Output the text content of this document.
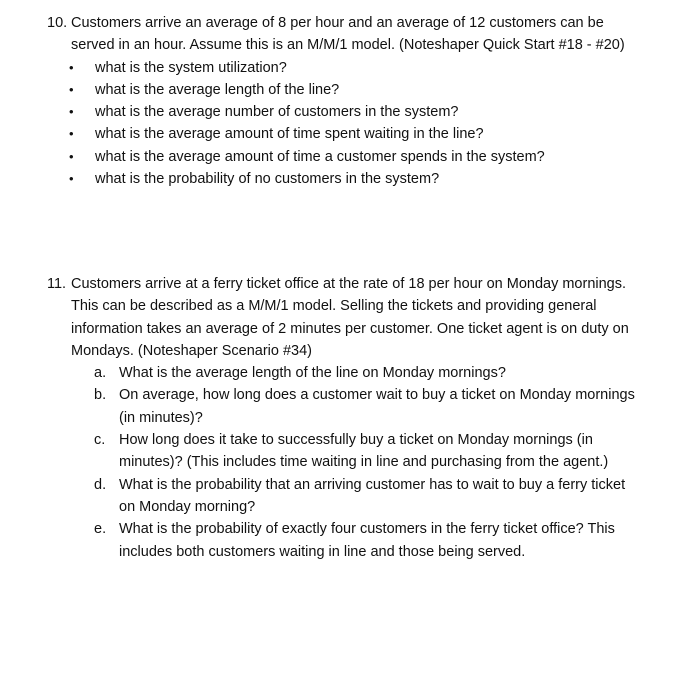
10. Customers arrive an average of 8 per hour and an average of 12 customers can be served in an hour. Assume this is an M/M/1 model. (Noteshaper Quick Start #18 - #20)
• what is the system utilization?
• what is the average length of the line?
• what is the average number of customers in the system?
• what is the average amount of time spent waiting in the line?
• what is the average amount of time a customer spends in the system?
• what is the probability of no customers in the system?
11. Customers arrive at a ferry ticket office at the rate of 18 per hour on Monday mornings. This can be described as a M/M/1 model. Selling the tickets and providing general information takes an average of 2 minutes per customer. One ticket agent is on duty on Mondays. (Noteshaper Scenario #34)
a. What is the average length of the line on Monday mornings?
b. On average, how long does a customer wait to buy a ticket on Monday mornings (in minutes)?
c. How long does it take to successfully buy a ticket on Monday mornings (in minutes)? (This includes time waiting in line and purchasing from the agent.)
d. What is the probability that an arriving customer has to wait to buy a ferry ticket on Monday morning?
e. What is the probability of exactly four customers in the ferry ticket office? This includes both customers waiting in line and those being served.
